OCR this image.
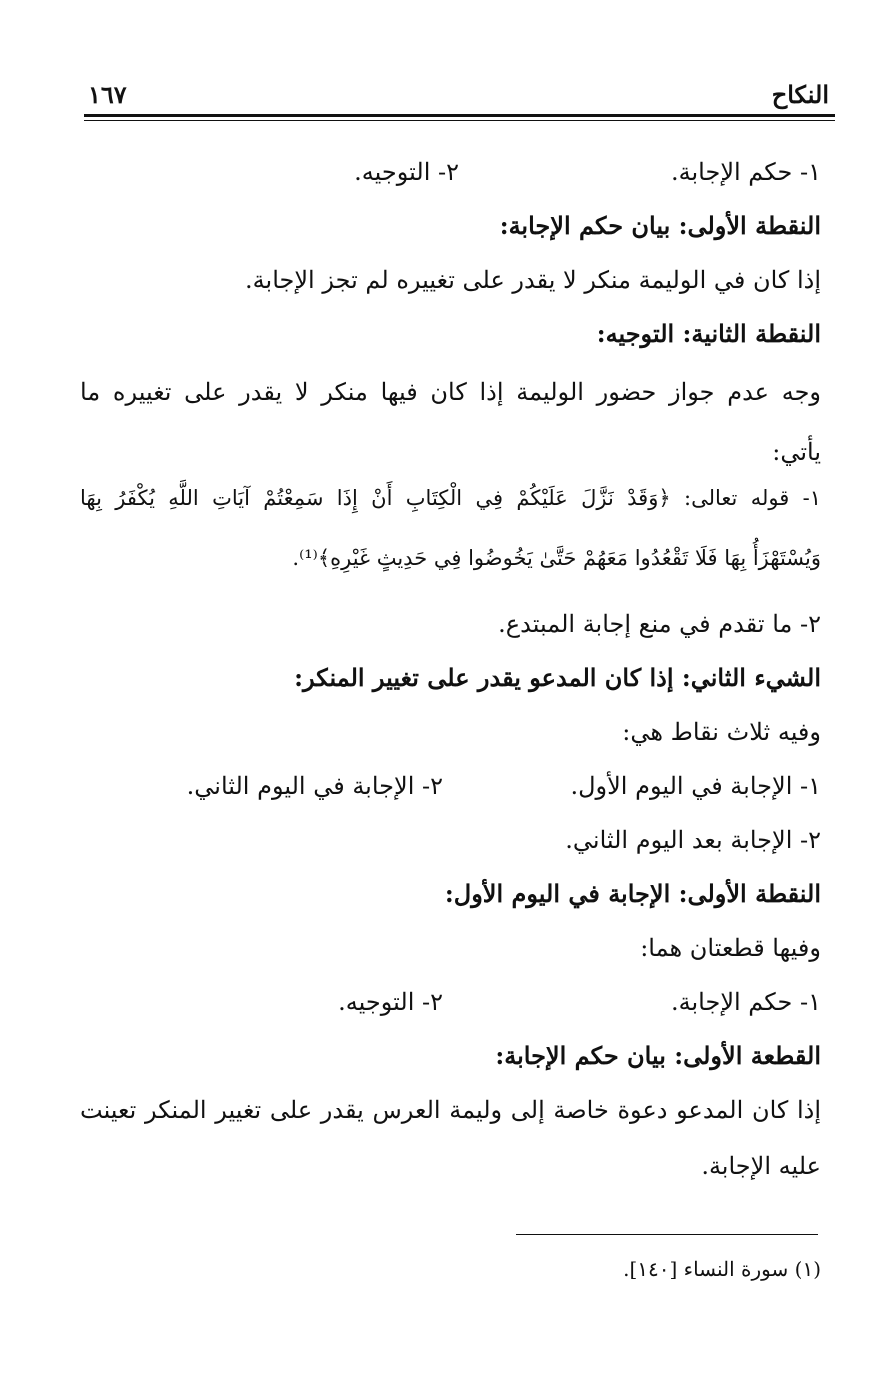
النكاح
١٦٧
١- حكم الإجابة.
٢- التوجيه.
النقطة الأولى: بيان حكم الإجابة:
إذا كان في الوليمة منكر لا يقدر على تغييره لم تجز الإجابة.
النقطة الثانية: التوجيه:
وجه عدم جواز حضور الوليمة إذا كان فيها منكر لا يقدر على تغييره ما
يأتي:
١- قوله تعالى: ﴿وَقَدْ نَزَّلَ عَلَيْكُمْ فِي الْكِتَابِ أَنْ إِذَا سَمِعْتُمْ آيَاتِ اللَّهِ يُكْفَرُ بِهَا
وَيُسْتَهْزَأُ بِهَا فَلَا تَقْعُدُوا مَعَهُمْ حَتَّىٰ يَخُوضُوا فِي حَدِيثٍ غَيْرِهِ﴾⁽¹⁾.
٢- ما تقدم في منع إجابة المبتدع.
الشيء الثاني: إذا كان المدعو يقدر على تغيير المنكر:
وفيه ثلاث نقاط هي:
١- الإجابة في اليوم الأول.
٢- الإجابة في اليوم الثاني.
٢- الإجابة بعد اليوم الثاني.
النقطة الأولى: الإجابة في اليوم الأول:
وفيها قطعتان هما:
١- حكم الإجابة.
٢- التوجيه.
القطعة الأولى: بيان حكم الإجابة:
إذا كان المدعو دعوة خاصة إلى وليمة العرس يقدر على تغيير المنكر تعينت
عليه الإجابة.
(١) سورة النساء [١٤٠].
